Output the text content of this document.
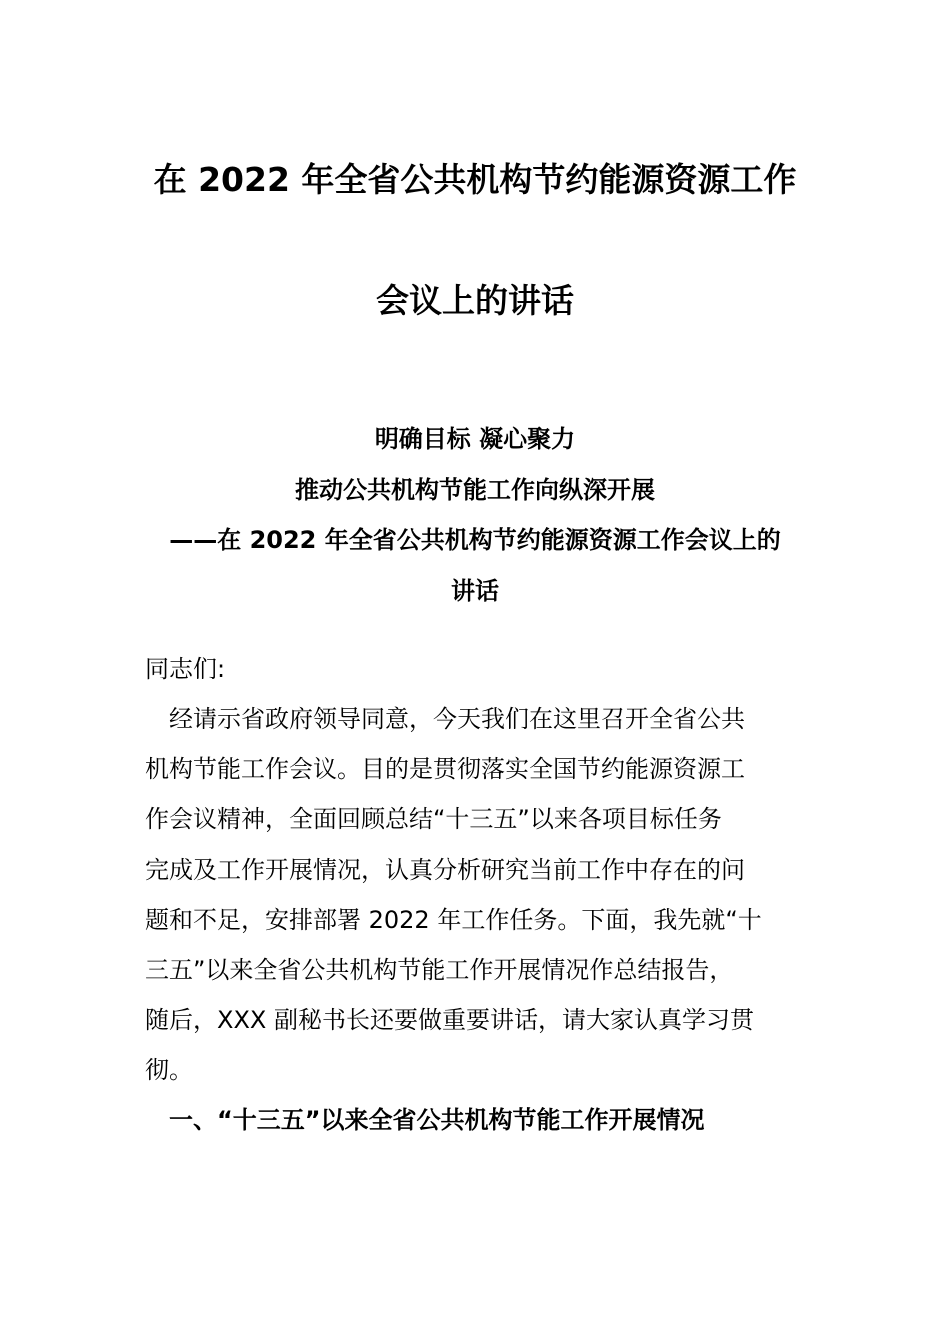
在 2022 年全省公共机构节约能源资源工作
会议上的讲话
明确目标 凝心聚力
推动公共机构节能工作向纵深开展
——在 2022 年全省公共机构节约能源资源工作会议上的
讲话
同志们:
　经请示省政府领导同意，今天我们在这里召开全省公共
机构节能工作会议。目的是贯彻落实全国节约能源资源工
作会议精神，全面回顾总结“十三五”以来各项目标任务
完成及工作开展情况，认真分析研究当前工作中存在的问
题和不足，安排部署 2022 年工作任务。下面，我先就“十
三五”以来全省公共机构节能工作开展情况作总结报告，
随后，XXX 副秘书长还要做重要讲话，请大家认真学习贯
彻。
　一、“十三五”以来全省公共机构节能工作开展情况
